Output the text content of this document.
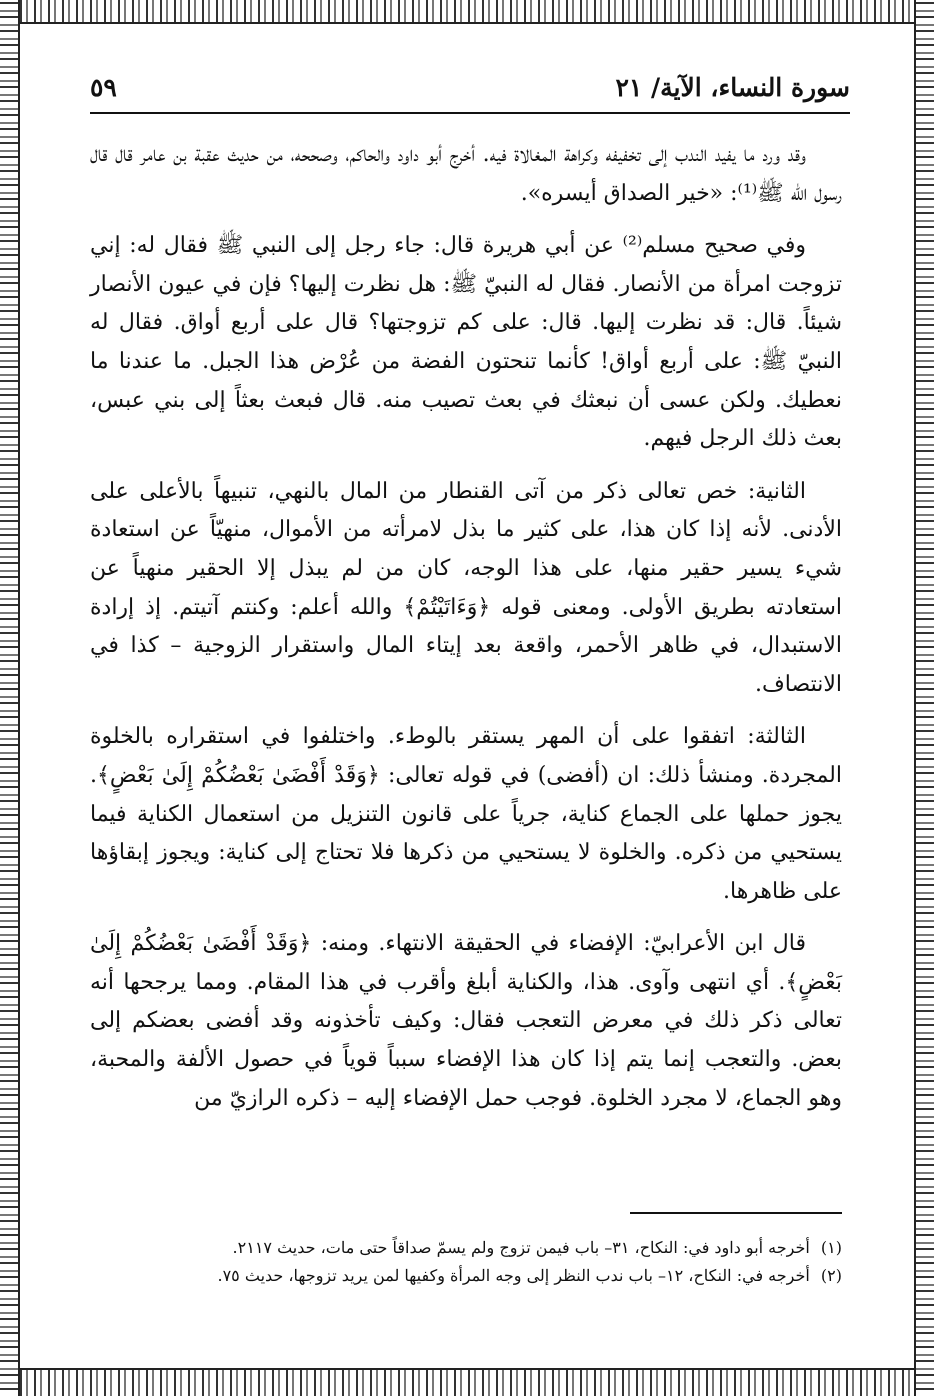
سورة النساء، الآية/ ٢١
٥٩

وقد ورد ما يفيد الندب إلى تخفيفه وكراهة المغالاة فيه. أخرج أبو داود والحاكم، وصححه، من حديث عقبة بن عامر قال قال رسول الله ﷺ⁽¹⁾: «خير الصداق أيسره».

وفي صحيح مسلم⁽²⁾ عن أبي هريرة قال: جاء رجل إلى النبي ﷺ فقال له: إني تزوجت امرأة من الأنصار. فقال له النبيّ ﷺ: هل نظرت إليها؟ فإن في عيون الأنصار شيئاً. قال: قد نظرت إليها. قال: على كم تزوجتها؟ قال على أربع أواق. فقال له النبيّ ﷺ: على أربع أواق! كأنما تنحتون الفضة من عُرْض هذا الجبل. ما عندنا ما نعطيك. ولكن عسى أن نبعثك في بعث تصيب منه. قال فبعث بعثاً إلى بني عبس، بعث ذلك الرجل فيهم.

الثانية: خص تعالى ذكر من آتى القنطار من المال بالنهي، تنبيهاً بالأعلى على الأدنى. لأنه إذا كان هذا، على كثير ما بذل لامرأته من الأموال، منهيّاً عن استعادة شيء يسير حقير منها، على هذا الوجه، كان من لم يبذل إلا الحقير منهياً عن استعادته بطريق الأولى. ومعنى قوله ﴿وَءَاتَيْتُمْ﴾ والله أعلم: وكنتم آتيتم. إذ إرادة الاستبدال، في ظاهر الأحمر، واقعة بعد إيتاء المال واستقرار الزوجية – كذا في الانتصاف.

الثالثة: اتفقوا على أن المهر يستقر بالوطء. واختلفوا في استقراره بالخلوة المجردة. ومنشأ ذلك: ان (أفضى) في قوله تعالى: ﴿وَقَدْ أَفْضَىٰ بَعْضُكُمْ إِلَىٰ بَعْضٍ﴾. يجوز حملها على الجماع كناية، جرياً على قانون التنزيل من استعمال الكناية فيما يستحيي من ذكره. والخلوة لا يستحيي من ذكرها فلا تحتاج إلى كناية: ويجوز إبقاؤها على ظاهرها.

قال ابن الأعرابيّ: الإفضاء في الحقيقة الانتهاء. ومنه: ﴿وَقَدْ أَفْضَىٰ بَعْضُكُمْ إِلَىٰ بَعْضٍ﴾. أي انتهى وآوى. هذا، والكناية أبلغ وأقرب في هذا المقام. ومما يرجحها أنه تعالى ذكر ذلك في معرض التعجب فقال: وكيف تأخذونه وقد أفضى بعضكم إلى بعض. والتعجب إنما يتم إذا كان هذا الإفضاء سبباً قوياً في حصول الألفة والمحبة، وهو الجماع، لا مجرد الخلوة. فوجب حمل الإفضاء إليه – ذكره الرازيّ من

(١) أخرجه أبو داود في: النكاح، ٣١– باب فيمن تزوج ولم يسمّ صداقاً حتى مات، حديث ٢١١٧.

(٢) أخرجه في: النكاح، ١٢– باب ندب النظر إلى وجه المرأة وكفيها لمن يريد تزوجها، حديث ٧٥.
